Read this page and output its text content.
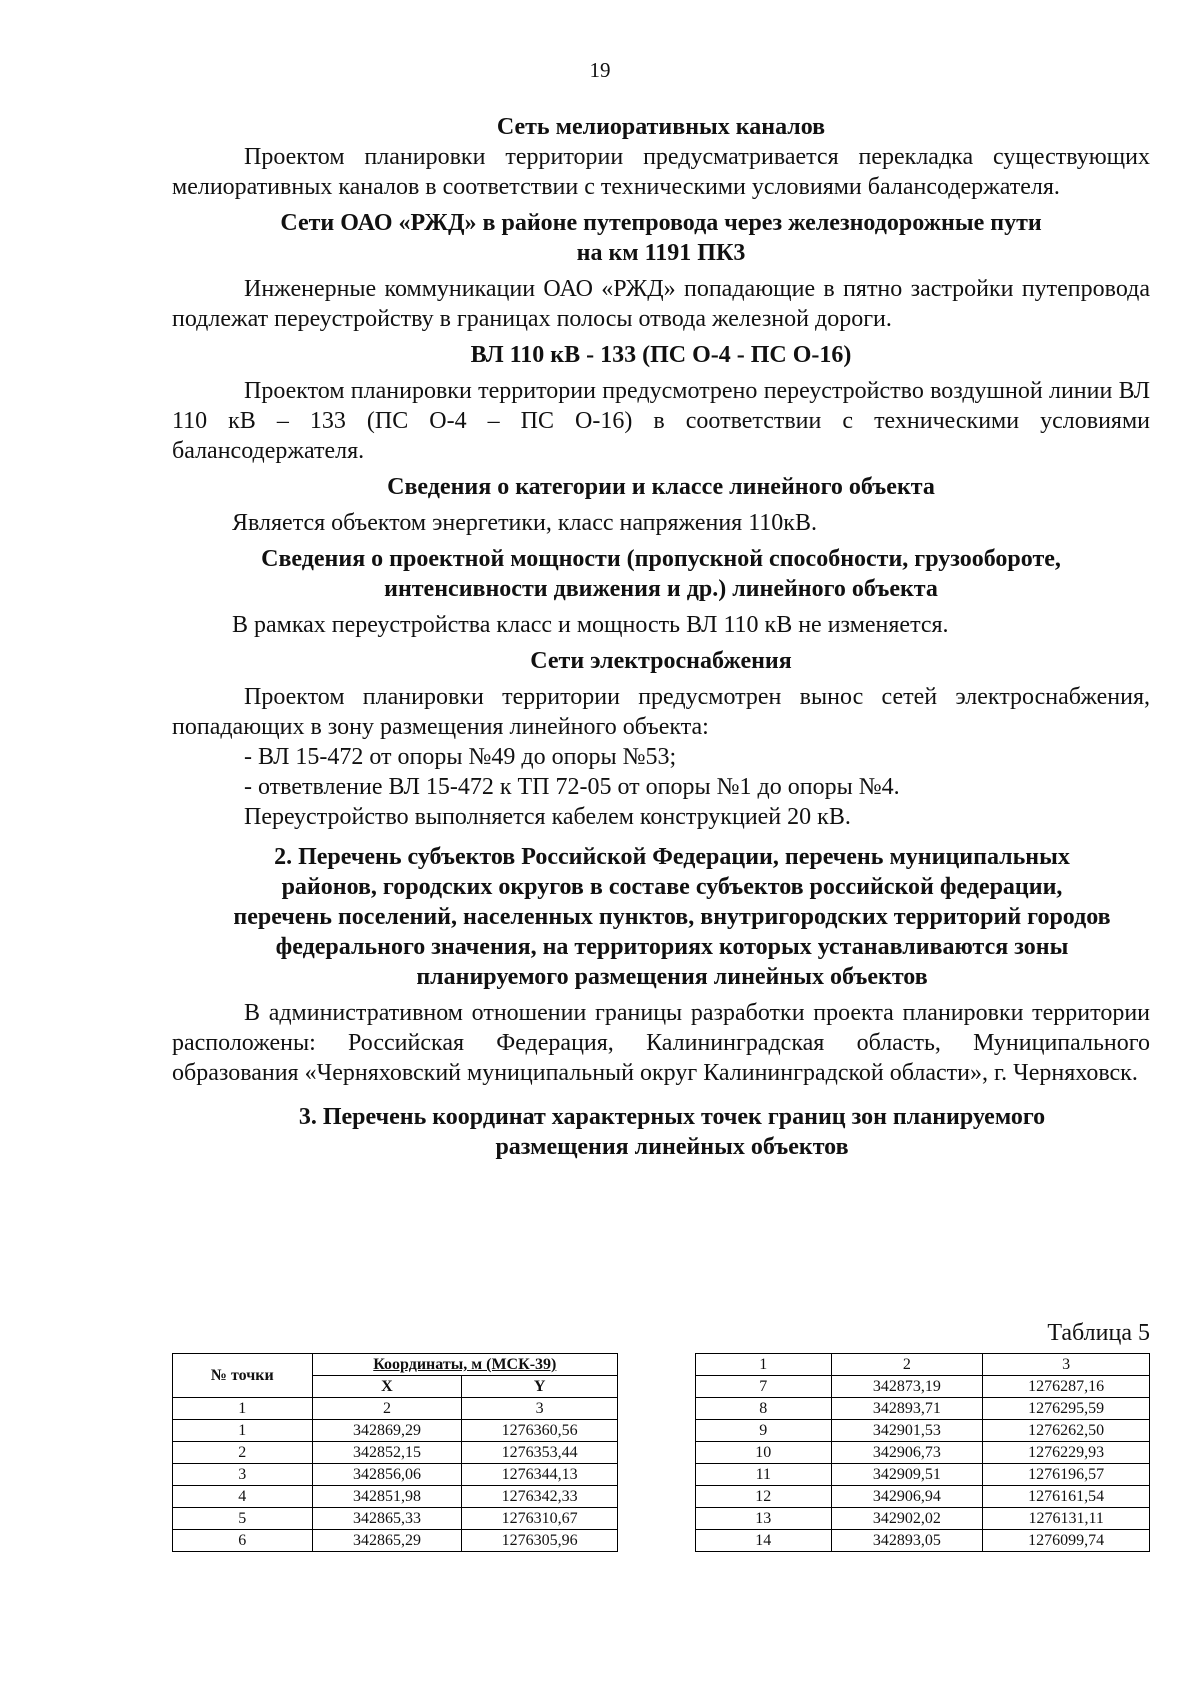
19
Сеть мелиоративных каналов

Проектом планировки территории предусматривается перекладка существующих мелиоративных каналов в соответствии с техническими условиями балансодержателя.

Сети ОАО «РЖД» в районе путепровода через железнодорожные пути
на км 1191 ПК3

Инженерные коммуникации ОАО «РЖД» попадающие в пятно застройки путепровода подлежат переустройству в границах полосы отвода железной дороги.

ВЛ 110 кВ - 133 (ПС О-4 - ПС О-16)

Проектом планировки территории предусмотрено переустройство воздушной линии ВЛ 110 кВ – 133 (ПС О-4 – ПС О-16) в соответствии с техническими условиями балансодержателя.

Сведения о категории и классе линейного объекта

Является объектом энергетики, класс напряжения 110кВ.

Сведения о проектной мощности (пропускной способности, грузообороте,
интенсивности движения и др.) линейного объекта

В рамках переустройства класс и мощность ВЛ 110 кВ не изменяется.

Сети электроснабжения

Проектом планировки территории предусмотрен вынос сетей электроснабжения, попадающих в зону размещения линейного объекта:

- ВЛ 15-472 от опоры №49 до опоры №53;

- ответвление ВЛ 15-472 к ТП 72-05 от опоры №1 до опоры №4.

Переустройство выполняется кабелем конструкцией 20 кВ.

2. Перечень субъектов Российской Федерации, перечень муниципальных
районов, городских округов в составе субъектов российской федерации,
перечень поселений, населенных пунктов, внутригородских территорий городов
федерального значения, на территориях которых устанавливаются зоны
планируемого размещения линейных объектов

В административном отношении границы разработки проекта планировки территории расположены: Российская Федерация, Калининградская область, Муниципального образования «Черняховский муниципальный округ Калининградской области», г. Черняховск.

3. Перечень координат характерных точек границ зон планируемого
размещения линейных объектов
Таблица 5
№ точки	Координаты, м (МСК-39)	
	X	Y
1	2	3
1	342869,29	1276360,56
2	342852,15	1276353,44
3	342856,06	1276344,13
4	342851,98	1276342,33
5	342865,33	1276310,67
6	342865,29	1276305,96
1	2	3
7	342873,19	1276287,16
8	342893,71	1276295,59
9	342901,53	1276262,50
10	342906,73	1276229,93
11	342909,51	1276196,57
12	342906,94	1276161,54
13	342902,02	1276131,11
14	342893,05	1276099,74
